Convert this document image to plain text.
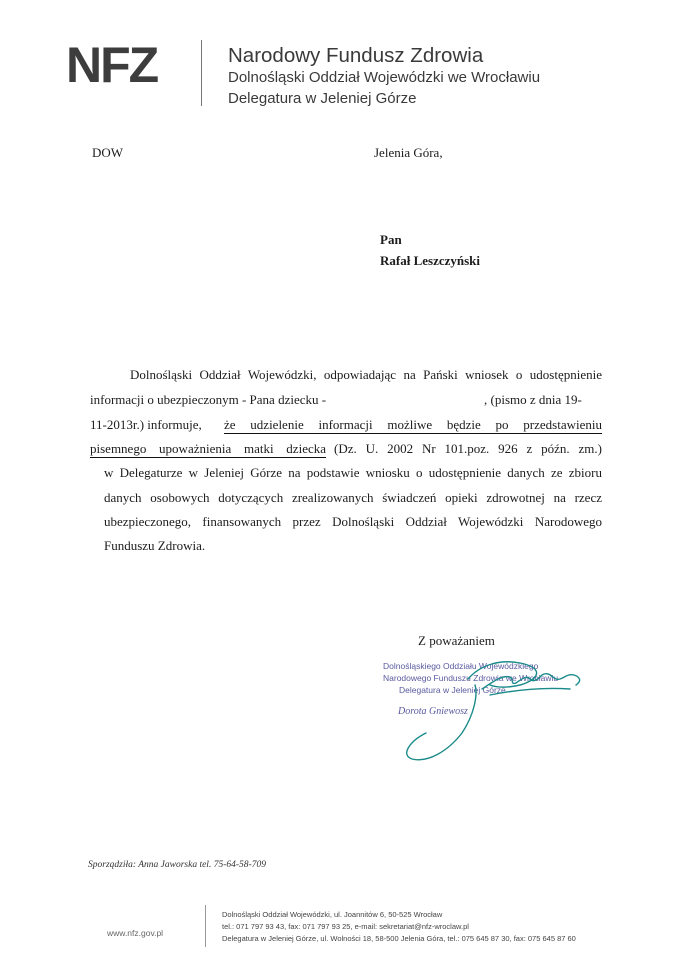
NFZ	Narodowy Fundusz Zdrowia
Dolnośląski Oddział Wojewódzki we Wrocławiu
Delegatura w Jeleniej Górze
DOW	Jelenia Góra,
Pan
Rafał Leszczyński
Dolnośląski Oddział Wojewódzki, odpowiadając na Pański wniosek o udostępnienie
informacji o ubezpieczonym - Pana dziecku -	, (pismo z dnia 19-
11-2013r.) informuje, że udzielenie informacji możliwe będzie po przedstawieniu
pisemnego upoważnienia matki dziecka (Dz. U. 2002 Nr 101.poz. 926 z późn. zm.)
w Delegaturze w Jeleniej Górze na podstawie wniosku o udostępnienie danych ze zbioru
danych osobowych dotyczących zrealizowanych świadczeń opieki zdrowotnej na rzecz
ubezpieczonego, finansowanych przez Dolnośląski Oddział Wojewódzki Narodowego
Funduszu Zdrowia.
Z poważaniem
Dolnośląskiego Oddziału Wojewódzkiego
Narodowego Funduszu Zdrowia we Wrocławiu
Delegatura w Jeleniej Górze
Dorota Gniewosz
Sporządziła: Anna Jaworska tel. 75-64-58-709
www.nfz.gov.pl
Dolnośląski Oddział Wojewódzki, ul. Joannitów 6, 50-525 Wrocław
tel.: 071 797 93 43, fax: 071 797 93 25, e-mail: sekretariat@nfz-wroclaw.pl
Delegatura w Jeleniej Górze, ul. Wolności 18, 58-500 Jelenia Góra, tel.: 075 645 87 30, fax: 075 645 87 60
